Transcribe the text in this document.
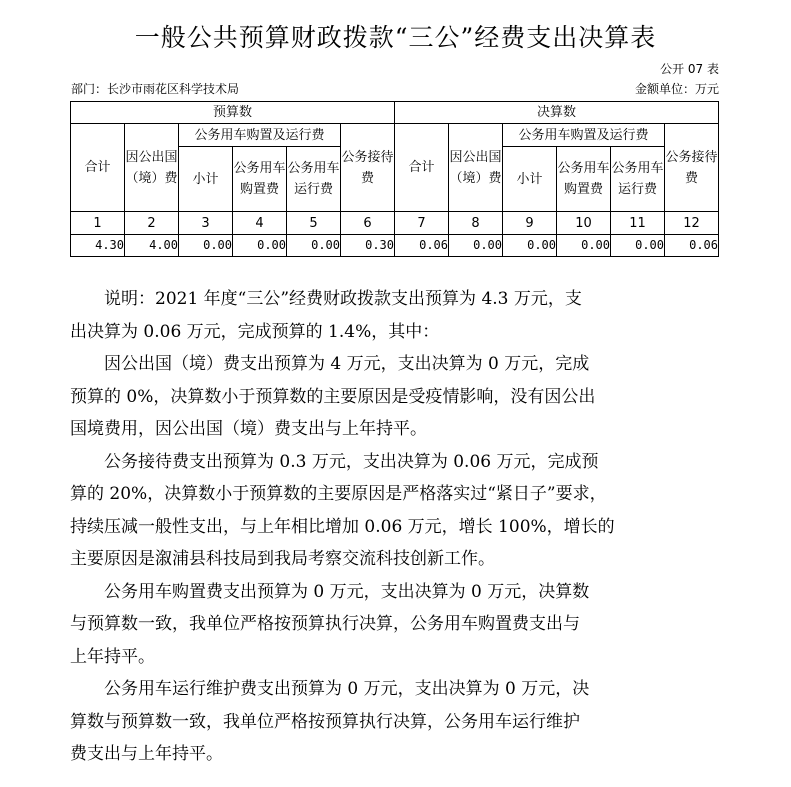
一般公共预算财政拨款“三公”经费支出决算表
公开 07 表
部门：长沙市雨花区科学技术局	金额单位：万元
预算数						决算数					
合计	因公出国（境）费	公务用车购置及运行费			公务接待费	合计	因公出国（境）费	公务用车购置及运行费			公务接待费
		小计	公务用车购置费	公务用车运行费				小计	公务用车购置费	公务用车运行费	
1	2	3	4	5	6	7	8	9	10	11	12
4.30	4.00	0.00	0.00	0.00	0.30	0.06	0.00	0.00	0.00	0.00	0.06
说明：2021 年度“三公”经费财政拨款支出预算为 4.3 万元，支
出决算为 0.06 万元，完成预算的 1.4%，其中：
因公出国（境）费支出预算为 4 万元，支出决算为 0 万元，完成
预算的 0%，决算数小于预算数的主要原因是受疫情影响，没有因公出
国境费用，因公出国（境）费支出与上年持平。
公务接待费支出预算为 0.3 万元，支出决算为 0.06 万元，完成预
算的 20%，决算数小于预算数的主要原因是严格落实过“紧日子”要求，
持续压减一般性支出，与上年相比增加 0.06 万元，增长 100%，增长的
主要原因是溆浦县科技局到我局考察交流科技创新工作。
公务用车购置费支出预算为 0 万元，支出决算为 0 万元，决算数
与预算数一致，我单位严格按预算执行决算，公务用车购置费支出与
上年持平。
公务用车运行维护费支出预算为 0 万元，支出决算为 0 万元，决
算数与预算数一致，我单位严格按预算执行决算，公务用车运行维护
费支出与上年持平。
